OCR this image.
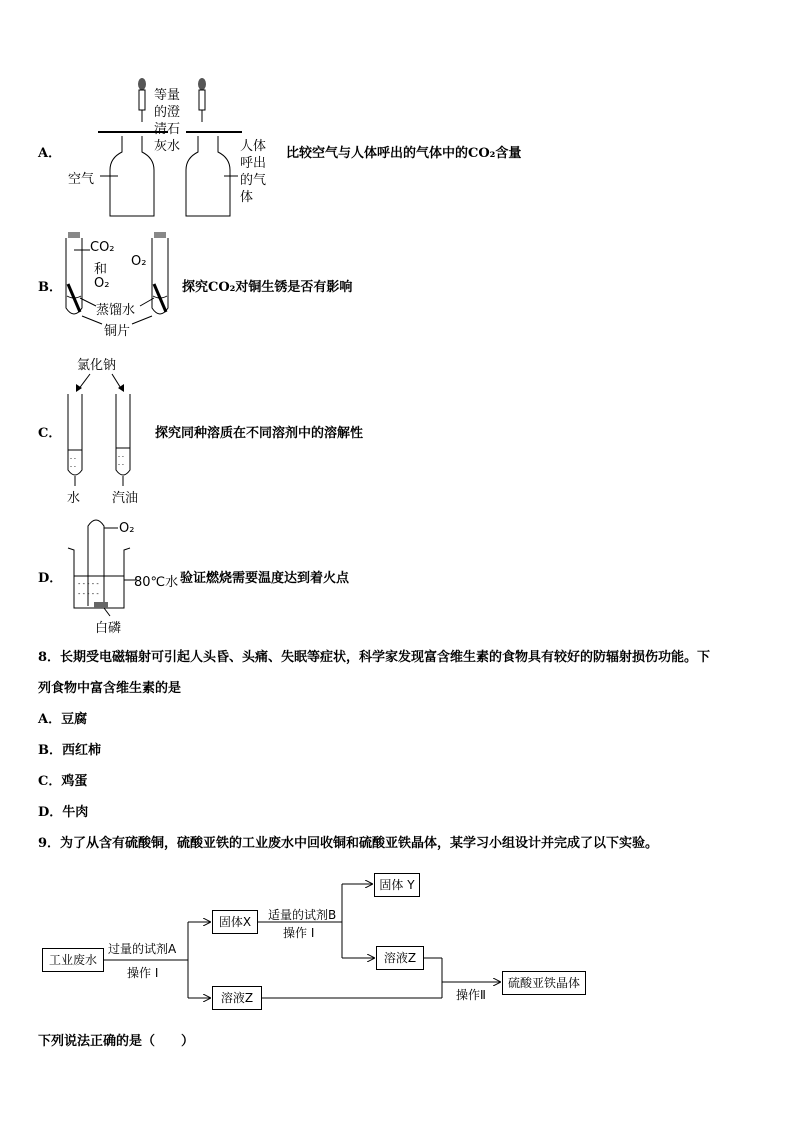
A．	比较空气与人体呼出的气体中的CO₂含量
等量
的澄
清石
灰水
空气
人体
呼出
的气
体
B．	探究CO₂对铜生锈是否有影响
CO₂
和
O₂
O₂
蒸馏水
铜片
C．	探究同种溶质在不同溶剂中的溶解性
氯化钠
- -
- -
- -
- -
水 汽油
D．	验证燃烧需要温度达到着火点
- - - - -
- - - - -
O₂
80℃水
白磷
8．长期受电磁辐射可引起人头昏、头痛、失眠等症状，科学家发现富含维生素的食物具有较好的防辐射损伤功能。下
列食物中富含维生素的是
A．豆腐
B．西红柿
C．鸡蛋
D．牛肉
9．为了从含有硫酸铜，硫酸亚铁的工业废水中回收铜和硫酸亚铁晶体，某学习小组设计并完成了以下实验。
工业废水
过量的试剂A
操作 I
固体X	适量的试剂B
操作 I
固体 Y
溶液Z
溶液Z	操作Ⅱ
硫酸亚铁晶体
下列说法正确的是（　　）
